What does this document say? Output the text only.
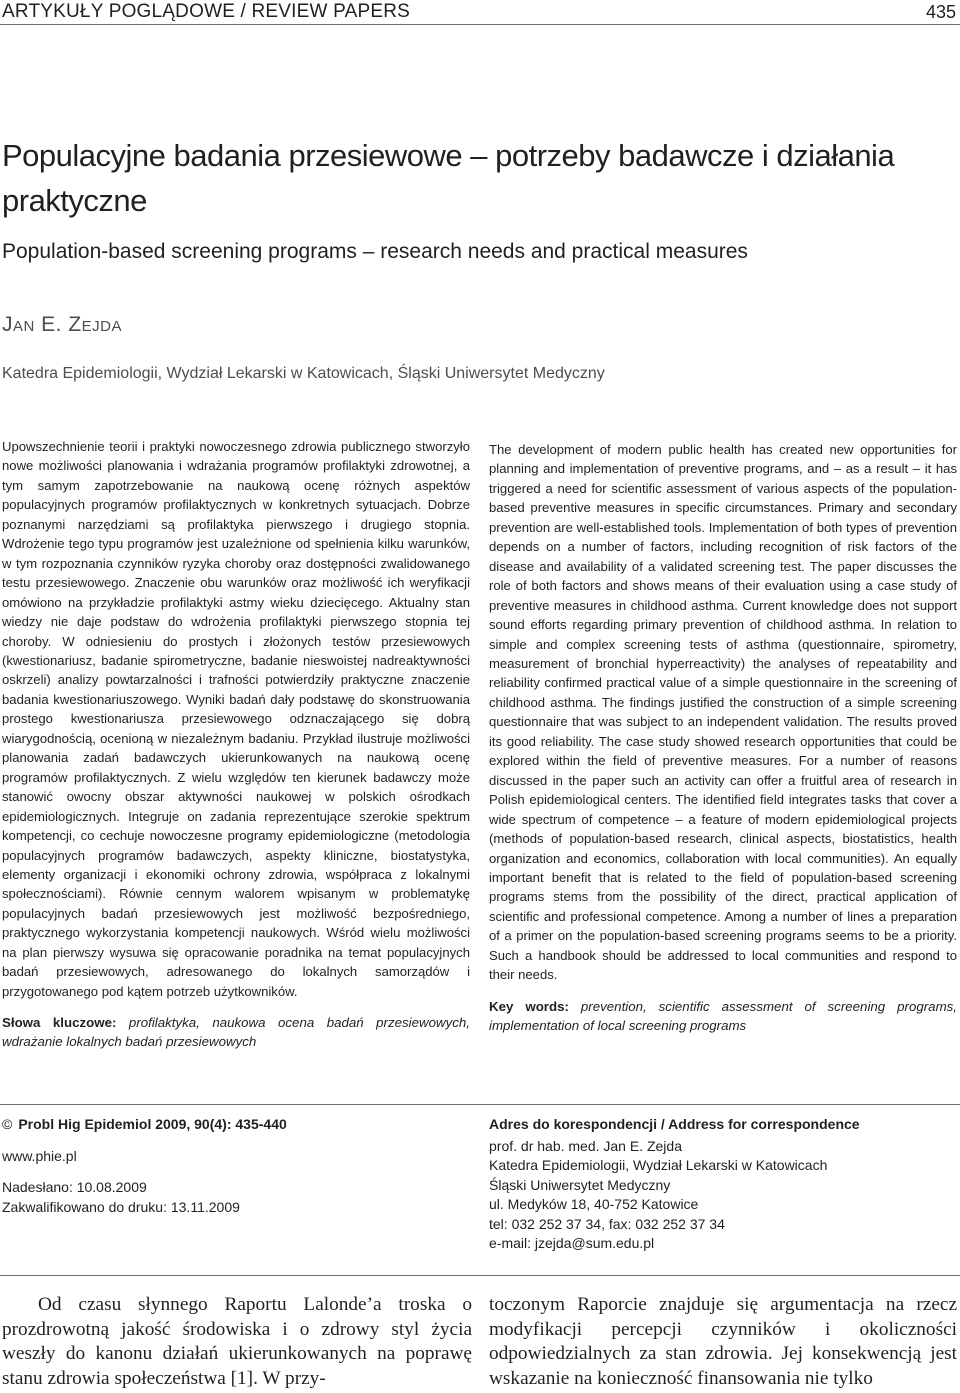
ARTYKUŁY POGLĄDOWE / REVIEW PAPERS	435
Populacyjne badania przesiewowe – potrzeby badawcze i działania praktyczne
Population-based screening programs – research needs and practical measures
Jan E. Zejda
Katedra Epidemiologii, Wydział Lekarski w Katowicach, Śląski Uniwersytet Medyczny

Upowszechnienie teorii i praktyki nowoczesnego zdrowia publicznego stworzyło nowe możliwości planowania i wdrażania programów profilaktyki zdrowotnej, a tym samym zapotrzebowanie na naukową ocenę różnych aspektów populacyjnych programów profilaktycznych w konkretnych sytuacjach. Dobrze poznanymi narzędziami są profilaktyka pierwszego i drugiego stopnia. Wdrożenie tego typu programów jest uzależnione od spełnienia kilku warunków, w tym rozpoznania czynników ryzyka choroby oraz dostępności zwalidowanego testu przesiewowego. Znaczenie obu warunków oraz możliwość ich weryfikacji omówiono na przykładzie profilaktyki astmy wieku dziecięcego. Aktualny stan wiedzy nie daje podstaw do wdrożenia profilaktyki pierwszego stopnia tej choroby. W odniesieniu do prostych i złożonych testów przesiewowych (kwestionariusz, badanie spirometryczne, badanie nieswoistej nadreaktywności oskrzeli) analizy powtarzalności i trafności potwierdziły praktyczne znaczenie badania kwestionariuszowego. Wyniki badań dały podstawę do skonstruowania prostego kwestionariusza przesiewowego odznaczającego się dobrą wiarygodnością, ocenioną w niezależnym badaniu. Przykład ilustruje możliwości planowania zadań badawczych ukierunkowanych na naukową ocenę programów profilaktycznych. Z wielu względów ten kierunek badawczy może stanowić owocny obszar aktywności naukowej w polskich ośrodkach epidemiologicznych. Integruje on zadania reprezentujące szerokie spektrum kompetencji, co cechuje nowoczesne programy epidemiologiczne (metodologia populacyjnych programów badawczych, aspekty kliniczne, biostatystyka, elementy organizacji i ekonomiki ochrony zdrowia, współpraca z lokalnymi społecznościami). Równie cennym walorem wpisanym w problematykę populacyjnych badań przesiewowych jest możliwość bezpośredniego, praktycznego wykorzystania kompetencji naukowych. Wśród wielu możliwości na plan pierwszy wysuwa się opracowanie poradnika na temat populacyjnych badań przesiewowych, adresowanego do lokalnych samorządów i przygotowanego pod kątem potrzeb użytkowników.

Słowa kluczowe: profilaktyka, naukowa ocena badań przesiewowych, wdrażanie lokalnych badań przesiewowych

The development of modern public health has created new opportunities for planning and implementation of preventive programs, and – as a result – it has triggered a need for scientific assessment of various aspects of the population-based preventive measures in specific circumstances. Primary and secondary prevention are well-established tools. Implementation of both types of prevention depends on a number of factors, including recognition of risk factors of the disease and availability of a validated screening test. The paper discusses the role of both factors and shows means of their evaluation using a case study of preventive measures in childhood asthma. Current knowledge does not support sound efforts regarding primary prevention of childhood asthma. In relation to simple and complex screening tests of asthma (questionnaire, spirometry, measurement of bronchial hyperreactivity) the analyses of repeatability and reliability confirmed practical value of a simple questionnaire in the screening of childhood asthma. The findings justified the construction of a simple screening questionnaire that was subject to an independent validation. The results proved its good reliability. The case study showed research opportunities that could be explored within the field of preventive measures. For a number of reasons discussed in the paper such an activity can offer a fruitful area of research in Polish epidemiological centers. The identified field integrates tasks that cover a wide spectrum of competence – a feature of modern epidemiological projects (methods of population-based research, clinical aspects, biostatistics, health organization and economics, collaboration with local communities). An equally important benefit that is related to the field of population-based screening programs stems from the possibility of the direct, practical application of scientific and professional competence. Among a number of lines a preparation of a primer on the population-based screening programs seems to be a priority. Such a handbook should be addressed to local communities and respond to their needs.

Key words: prevention, scientific assessment of screening programs, implementation of local screening programs

© Probl Hig Epidemiol 2009, 90(4): 435-440
www.phie.pl
Nadesłano: 10.08.2009
Zakwalifikowano do druku: 13.11.2009
Adres do korespondencji / Address for correspondence
prof. dr hab. med. Jan E. Zejda
Katedra Epidemiologii, Wydział Lekarski w Katowicach
Śląski Uniwersytet Medyczny
ul. Medyków 18, 40-752 Katowice
tel: 032 252 37 34, fax: 032 252 37 34
e-mail: jzejda@sum.edu.pl

Od czasu słynnego Raportu Lalonde’a troska o prozdrowotną jakość środowiska i o zdrowy styl życia weszły do kanonu działań ukierunkowanych na poprawę stanu zdrowia społeczeństwa [1]. W przy-

toczonym Raporcie znajduje się argumentacja na rzecz modyfikacji percepcji czynników i okoliczności odpowiedzialnych za stan zdrowia. Jej konsekwencją jest wskazanie na konieczność finansowania nie tylko
